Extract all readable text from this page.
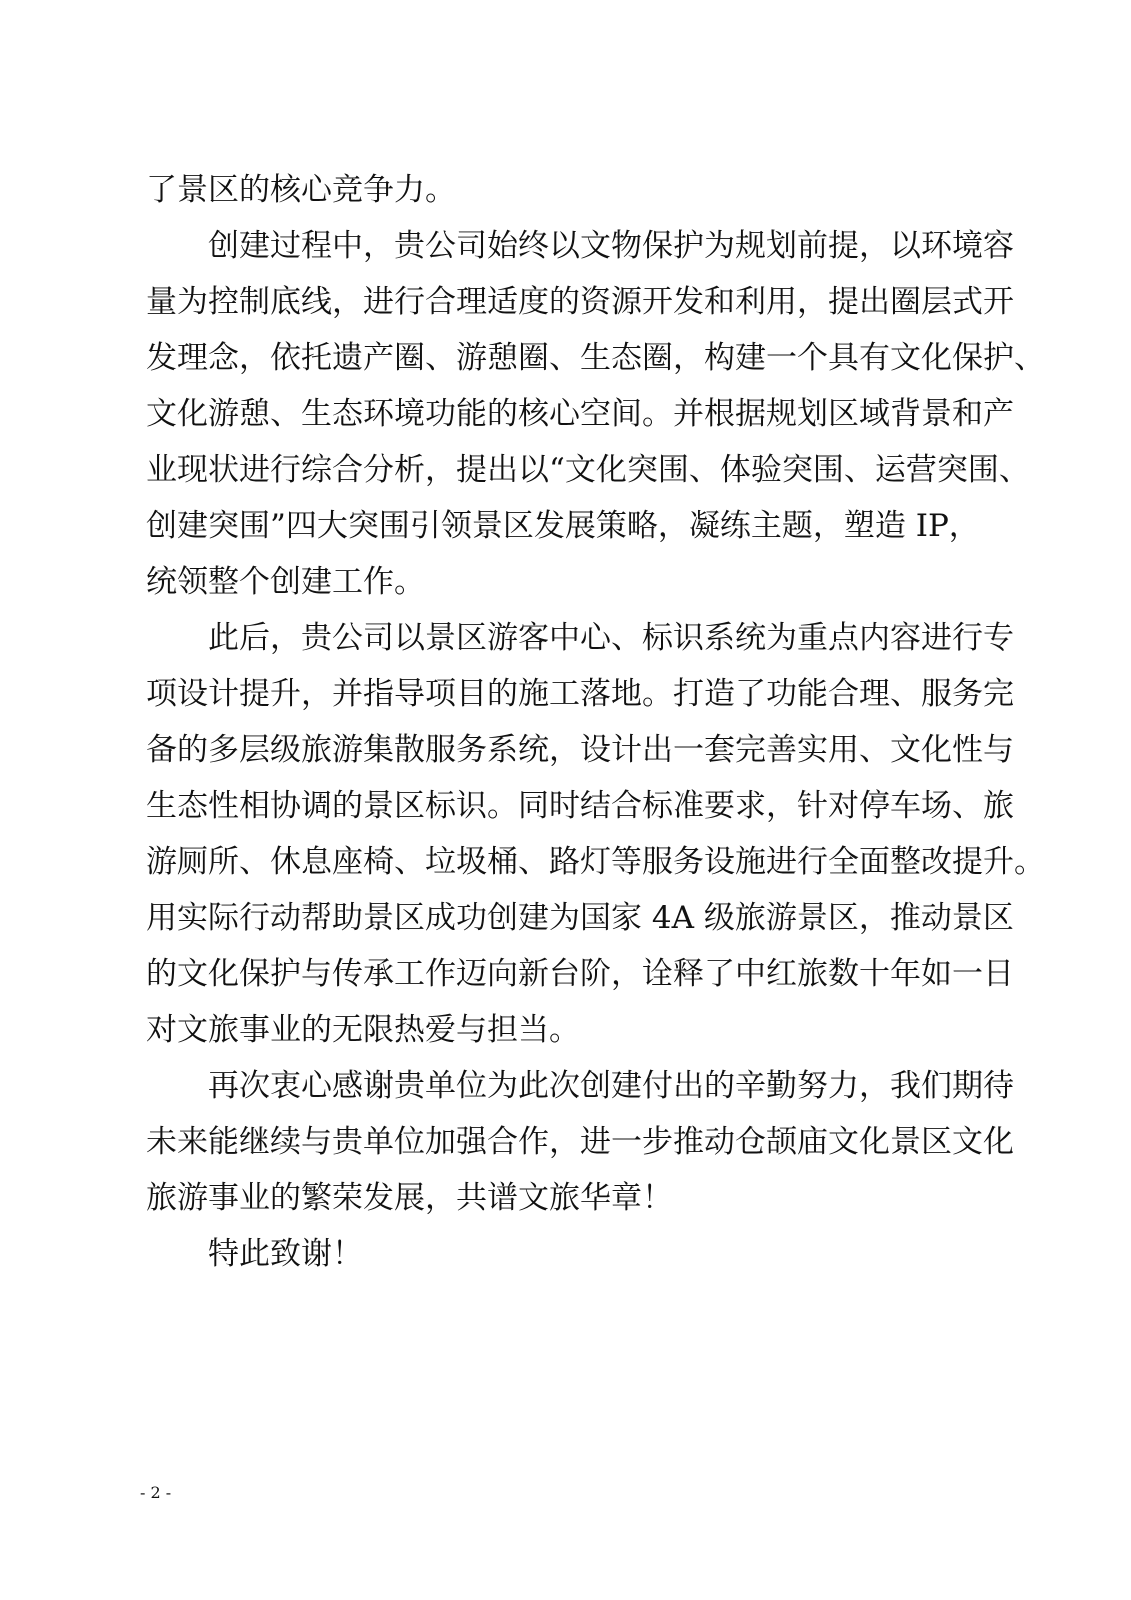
了景区的核心竞争力。
创建过程中，贵公司始终以文物保护为规划前提，以环境容
量为控制底线，进行合理适度的资源开发和利用，提出圈层式开
发理念，依托遗产圈、游憩圈、生态圈，构建一个具有文化保护、
文化游憩、生态环境功能的核心空间。并根据规划区域背景和产
业现状进行综合分析，提出以“文化突围、体验突围、运营突围、
创建突围”四大突围引领景区发展策略，凝练主题，塑造 IP，
统领整个创建工作。
此后，贵公司以景区游客中心、标识系统为重点内容进行专
项设计提升，并指导项目的施工落地。打造了功能合理、服务完
备的多层级旅游集散服务系统，设计出一套完善实用、文化性与
生态性相协调的景区标识。同时结合标准要求，针对停车场、旅
游厕所、休息座椅、垃圾桶、路灯等服务设施进行全面整改提升。
用实际行动帮助景区成功创建为国家 4A 级旅游景区，推动景区
的文化保护与传承工作迈向新台阶，诠释了中红旅数十年如一日
对文旅事业的无限热爱与担当。
再次衷心感谢贵单位为此次创建付出的辛勤努力，我们期待
未来能继续与贵单位加强合作，进一步推动仓颉庙文化景区文化
旅游事业的繁荣发展，共谱文旅华章！
特此致谢！
- 2 -
